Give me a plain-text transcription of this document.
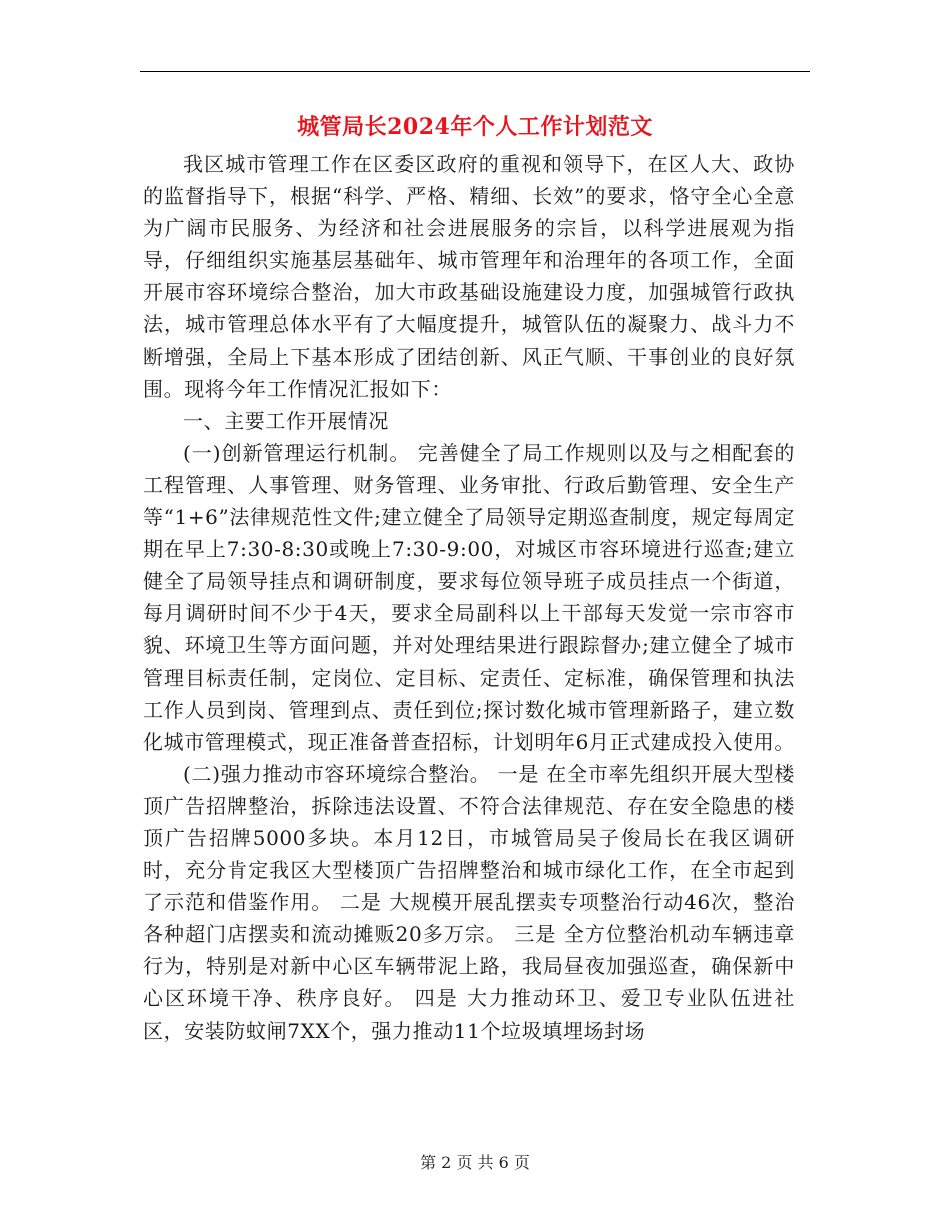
城管局长2024年个人工作计划范文

我区城市管理工作在区委区政府的重视和领导下，在区人大、政协的监督指导下，根据“科学、严格、精细、长效”的要求，恪守全心全意为广阔市民服务、为经济和社会进展服务的宗旨，以科学进展观为指导，仔细组织实施基层基础年、城市管理年和治理年的各项工作，全面开展市容环境综合整治，加大市政基础设施建设力度，加强城管行政执法，城市管理总体水平有了大幅度提升，城管队伍的凝聚力、战斗力不断增强，全局上下基本形成了团结创新、风正气顺、干事创业的良好氛围。现将今年工作情况汇报如下：

一、主要工作开展情况

(一)创新管理运行机制。 完善健全了局工作规则以及与之相配套的工程管理、人事管理、财务管理、业务审批、行政后勤管理、安全生产等“1+6”法律规范性文件;建立健全了局领导定期巡查制度，规定每周定期在早上7:30-8:30或晚上7:30-9:00，对城区市容环境进行巡查;建立健全了局领导挂点和调研制度，要求每位领导班子成员挂点一个街道，每月调研时间不少于4天，要求全局副科以上干部每天发觉一宗市容市貌、环境卫生等方面问题，并对处理结果进行跟踪督办;建立健全了城市管理目标责任制，定岗位、定目标、定责任、定标准，确保管理和执法工作人员到岗、管理到点、责任到位;探讨数化城市管理新路子，建立数化城市管理模式，现正准备普查招标，计划明年6月正式建成投入使用。

(二)强力推动市容环境综合整治。 一是 在全市率先组织开展大型楼顶广告招牌整治，拆除违法设置、不符合法律规范、存在安全隐患的楼顶广告招牌5000多块。本月12日，市城管局吴子俊局长在我区调研时，充分肯定我区大型楼顶广告招牌整治和城市绿化工作，在全市起到了示范和借鉴作用。 二是 大规模开展乱摆卖专项整治行动46次，整治各种超门店摆卖和流动摊贩20多万宗。 三是 全方位整治机动车辆违章行为，特别是对新中心区车辆带泥上路，我局昼夜加强巡查，确保新中心区环境干净、秩序良好。 四是 大力推动环卫、爱卫专业队伍进社区，安装防蚊闸7XX个，强力推动11个垃圾填埋场封场

第 2 页 共 6 页
